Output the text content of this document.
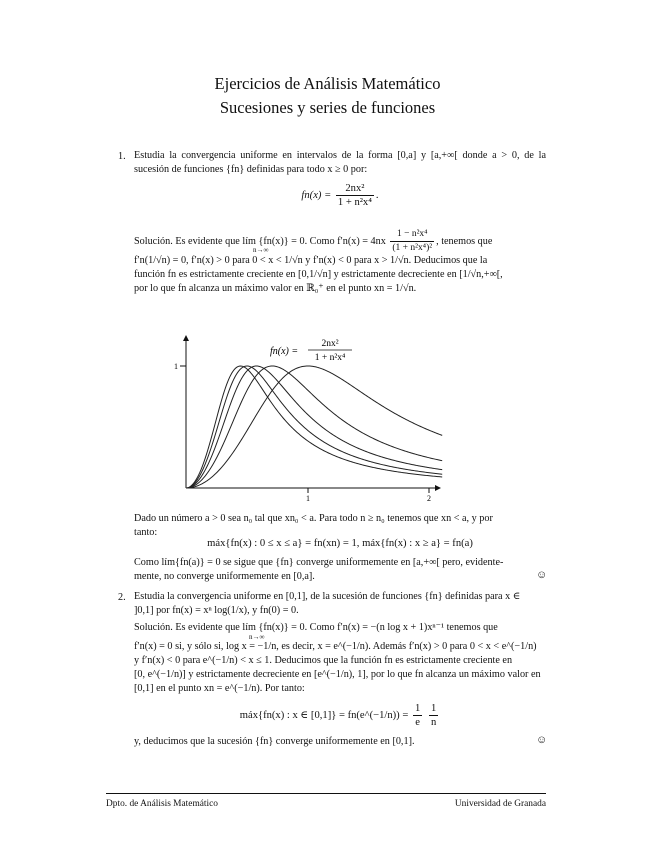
Ejercicios de Análisis Matemático
Sucesiones y series de funciones
1. Estudia la convergencia uniforme en intervalos de la forma [0,a] y [a,+∞[ donde a > 0, de la sucesión de funciones {fn} definidas para todo x ≥ 0 por:
$fn(x) = \frac{\text{2nx²}}{\text{1 + n²x⁴}}$ .
Solución. Es evidente que lím {fn(x)} = 0. Como $f'n(x) = 4nx \frac{\text{1 − n²x⁴}}{\text{(1 + n²x⁴)²}}$ , tenemos que
n→∞
f′n(1/√n) = 0, f′n(x) > 0 para 0 < x < 1/√n y f′n(x) < 0 para x > 1/√n. Deducimos que la
función fn es estrictamente creciente en [0,1/√n] y estrictamente decreciente en [1/√n,+∞[,
por lo que fn alcanza un máximo valor en ℝ₀⁺ en el punto xn = 1/√n.
1
1	2
fn(x) =
2nx²
1 + n²x⁴
Dado un número a > 0 sea n₀ tal que xn₀ < a. Para todo n ≥ n₀ tenemos que xn < a, y por
tanto:
máx{fn(x) : 0 ≤ x ≤ a} = fn(xn) = 1, máx{fn(x) : x ≥ a} = fn(a)
Como lím{fn(a)} = 0 se sigue que {fn} converge uniformemente en [a,+∞[ pero, evidente-
mente, no converge uniformemente en [0,a].	☺
2. Estudia la convergencia uniforme en [0,1], de la sucesión de funciones {fn} definidas para x ∈
]0,1] por fn(x) = xⁿ log(1/x), y fn(0) = 0.
Solución. Es evidente que lím {fn(x)} = 0. Como f′n(x) = −(n log x + 1)xⁿ⁻¹ tenemos que
n→∞
f′n(x) = 0 si, y sólo si, log x = −1/n, es decir, x = e^(−1/n). Además f′n(x) > 0 para 0 < x < e^(−1/n)
y f′n(x) < 0 para e^(−1/n) < x ≤ 1. Deducimos que la función fn es estrictamente creciente en
[0, e^(−1/n)] y estrictamente decreciente en [e^(−1/n), 1], por lo que fn alcanza un máximo valor en
[0,1] en el punto xn = e^(−1/n). Por tanto:
máx{fn(x) : x ∈ [0,1]} = fn(e^(−1/n)) = $\frac{1}{e}$
$\frac{1}{n}$
y, deducimos que la sucesión {fn} converge uniformemente en [0,1].	☺
Dpto. de Análisis Matemático	Universidad de Granada
